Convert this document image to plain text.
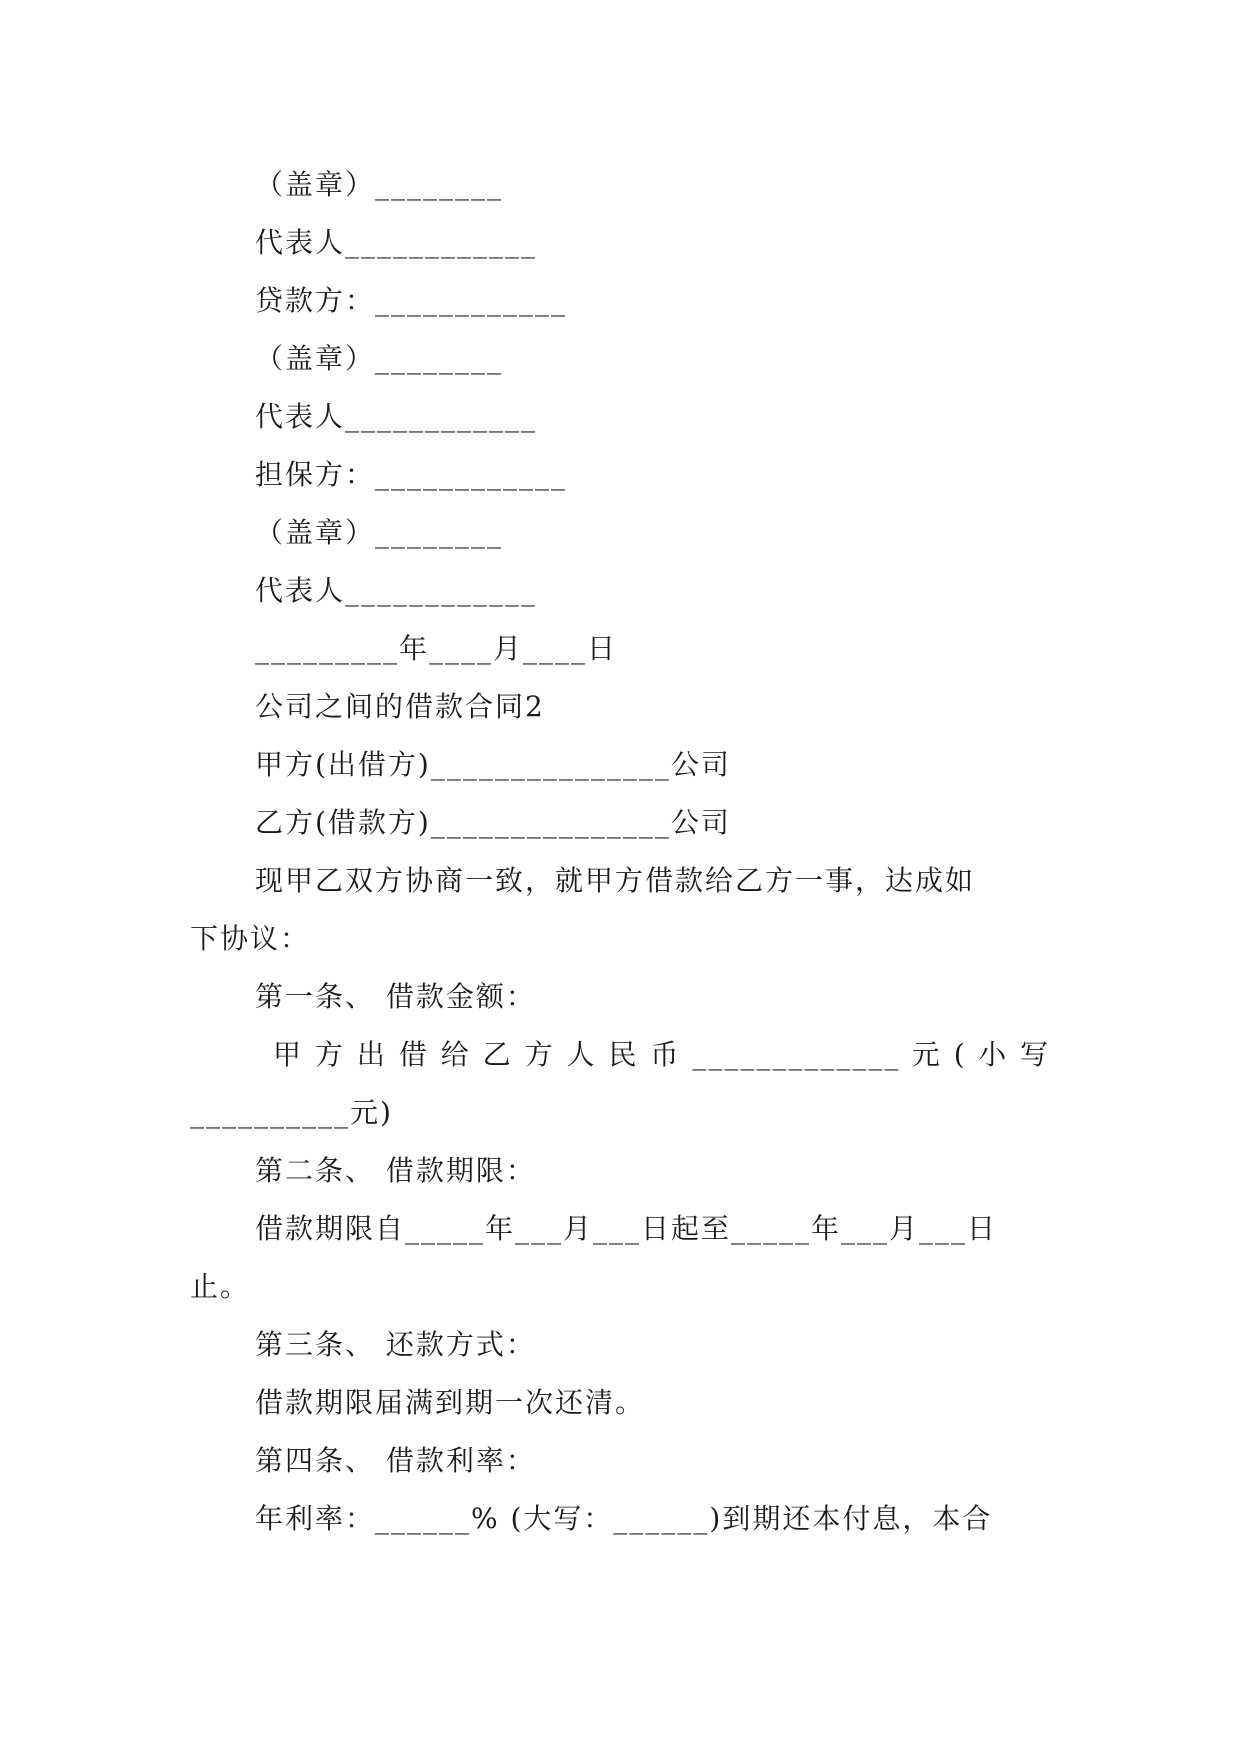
（盖章）________
代表人____________
贷款方：____________
（盖章）________
代表人____________
担保方：____________
（盖章）________
代表人____________
_________年____月____日
公司之间的借款合同2
甲方(出借方)_______________公司
乙方(借款方)_______________公司
现甲乙双方协商一致，就甲方借款给乙方一事，达成如
下协议：
第一条、 借款金额：
甲 方 出 借 给 乙 方 人 民 币 _____________ 元 ( 小 写
__________元)
第二条、 借款期限：
借款期限自_____年___月___日起至_____年___月___日
止。
第三条、 还款方式：
借款期限届满到期一次还清。
第四条、 借款利率：
年利率：______% (大写：______)到期还本付息，本合
